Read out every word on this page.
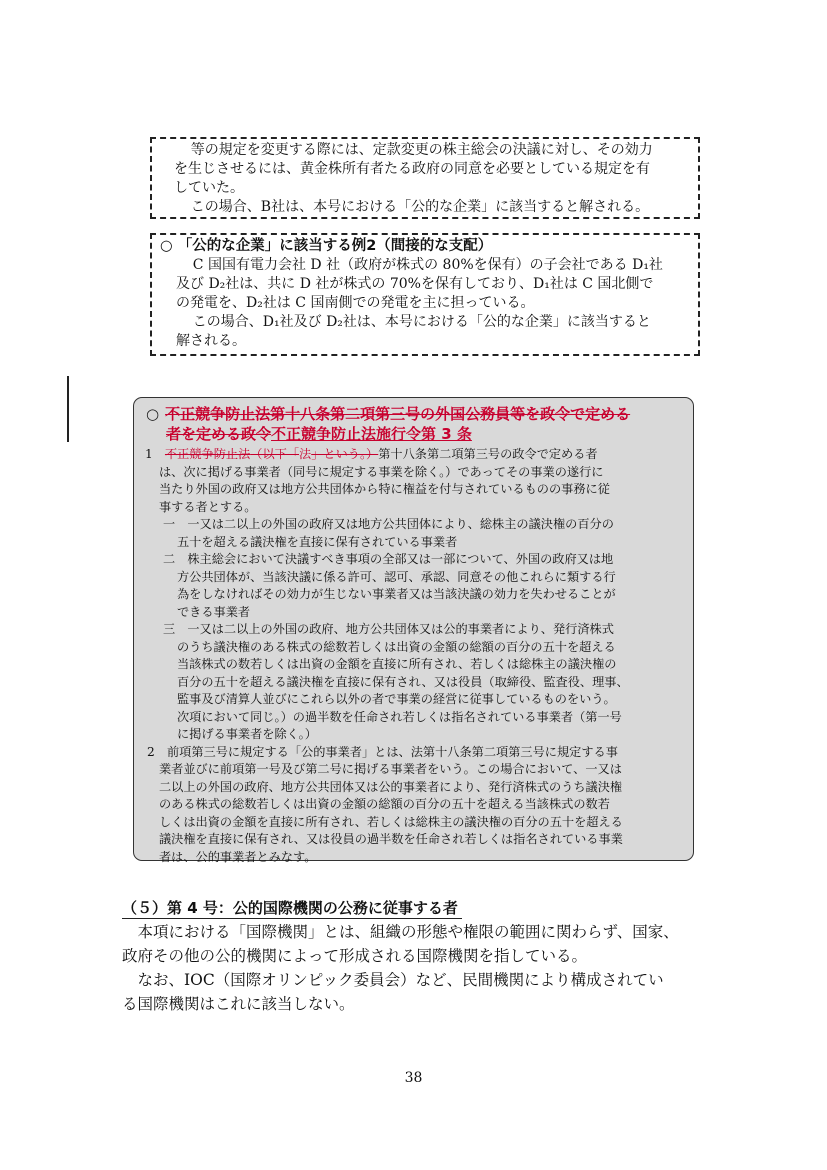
等の規定を変更する際には、定款変更の株主総会の決議に対し、その効力

を生じさせるには、黄金株所有者たる政府の同意を必要としている規定を有

していた。

この場合、B社は、本号における「公的な企業」に該当すると解される。

○ 「公的な企業」に該当する例2（間接的な支配）

C 国国有電力会社 D 社（政府が株式の 80%を保有）の子会社である D₁社

及び D₂社は、共に D 社が株式の 70%を保有しており、D₁社は C 国北側で

の発電を、D₂社は C 国南側での発電を主に担っている。

この場合、D₁社及び D₂社は、本号における「公的な企業」に該当すると

解される。

○ 不正競争防止法第十八条第二項第三号の外国公務員等を政令で定める
者を定める政令不正競争防止法施行令第 3 条

1　 不正競争防止法（以下「法」という。）第十八条第二項第三号の政令で定める者

は、次に掲げる事業者（同号に規定する事業を除く。）であってその事業の遂行に

当たり外国の政府又は地方公共団体から特に権益を付与されているものの事務に従

事する者とする。

一　一又は二以上の外国の政府又は地方公共団体により、総株主の議決権の百分の

五十を超える議決権を直接に保有されている事業者

二　株主総会において決議すべき事項の全部又は一部について、外国の政府又は地

方公共団体が、当該決議に係る許可、認可、承認、同意その他これらに類する行

為をしなければその効力が生じない事業者又は当該決議の効力を失わせることが

できる事業者

三　一又は二以上の外国の政府、地方公共団体又は公的事業者により、発行済株式

のうち議決権のある株式の総数若しくは出資の金額の総額の百分の五十を超える

当該株式の数若しくは出資の金額を直接に所有され、若しくは総株主の議決権の

百分の五十を超える議決権を直接に保有され、又は役員（取締役、監査役、理事、

監事及び清算人並びにこれら以外の者で事業の経営に従事しているものをいう。

次項において同じ。）の過半数を任命され若しくは指名されている事業者（第一号

に掲げる事業者を除く。）

2　前項第三号に規定する「公的事業者」とは、法第十八条第二項第三号に規定する事

業者並びに前項第一号及び第二号に掲げる事業者をいう。この場合において、一又は

二以上の外国の政府、地方公共団体又は公的事業者により、発行済株式のうち議決権

のある株式の総数若しくは出資の金額の総額の百分の五十を超える当該株式の数若

しくは出資の金額を直接に所有され、若しくは総株主の議決権の百分の五十を超える

議決権を直接に保有され、又は役員の過半数を任命され若しくは指名されている事業

者は、公的事業者とみなす。

（５）第 4 号：公的国際機関の公務に従事する者

本項における「国際機関」とは、組織の形態や権限の範囲に関わらず、国家、

政府その他の公的機関によって形成される国際機関を指している。

なお、IOC（国際オリンピック委員会）など、民間機関により構成されてい

る国際機関はこれに該当しない。

38
